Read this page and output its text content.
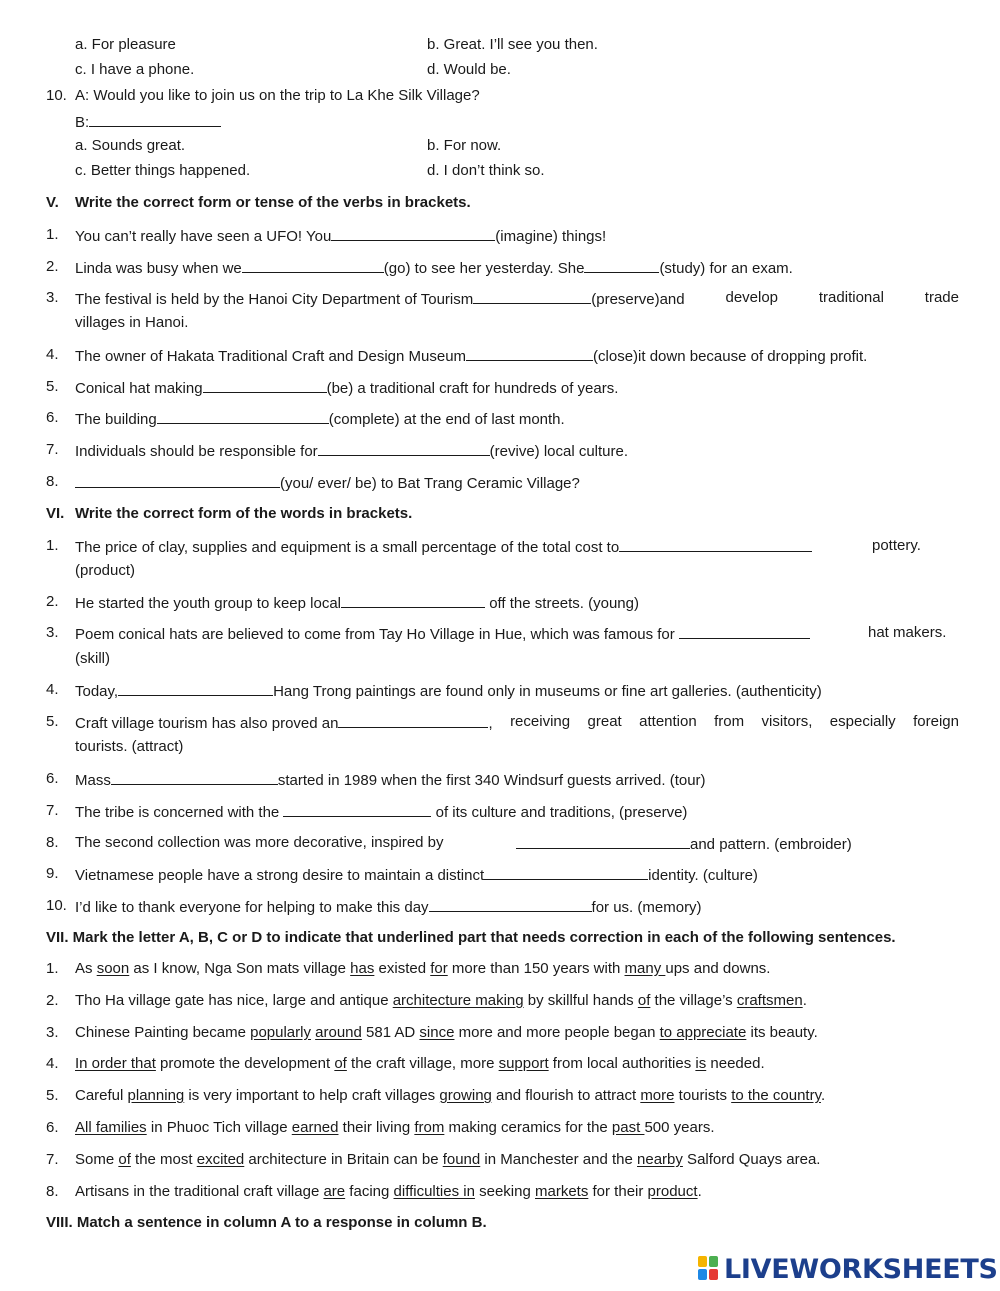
a. For pleasure	b. Great. I’ll see you then.
c. I have a phone.	d. Would be.
10. A: Would you like to join us on the trip to La Khe Silk Village?
B:
a. Sounds great.	b. For now.
c. Better things happened.	d. I don’t think so.
V. Write the correct form or tense of the verbs in brackets.
1. You can’t really have seen a UFO! You	(imagine) things!
2. Linda was busy when we	(go) to see her yesterday. She	(study) for an exam.
3. The festival is held by the Hanoi City Department of Tourism	(preserve)and	develop	traditional	trade
villages in Hanoi.
4. The owner of Hakata Traditional Craft and Design Museum	(close)it down because of dropping profit.
5. Conical hat making	(be) a traditional craft for hundreds of years.
6. The building	(complete) at the end of last month.
7. Individuals should be responsible for	(revive) local culture.
8.	(you/ ever/ be) to Bat Trang Ceramic Village?
VI. Write the correct form of the words in brackets.
1. The price of clay, supplies and equipment is a small percentage of the total cost to	pottery.
(product)
2. He started the youth group to keep local	off the streets. (young)
3. Poem conical hats are believed to come from Tay Ho Village in Hue, which was famous for	hat makers.
(skill)
4. Today,	Hang Trong paintings are found only in museums or fine art galleries. (authenticity)
5. Craft village tourism has also proved an	, receiving great attention from visitors, especially foreign
tourists. (attract)
6. Mass	started in 1989 when the first 340 Windsurf guests arrived. (tour)
7. The tribe is concerned with the	of its culture and traditions, (preserve)
8. The second collection was more decorative, inspired by	and pattern. (embroider)
9. Vietnamese people have a strong desire to maintain a distinct	identity. (culture)
10. I’d like to thank everyone for helping to make this day	for us. (memory)
VII. Mark the letter A, B, C or D to indicate that underlined part that needs correction in each of the following sentences.
1. As soon as I know, Nga Son mats village has existed for more than 150 years with many ups and downs.
2. Tho Ha village gate has nice, large and antique architecture making by skillful hands of the village’s craftsmen.
3. Chinese Painting became popularly around 581 AD since more and more people began to appreciate its beauty.
4. In order that promote the development of the craft village, more support from local authorities is needed.
5. Careful planning is very important to help craft villages growing and flourish to attract more tourists to the country.
6. All families in Phuoc Tich village earned their living from making ceramics for the past 500 years.
7. Some of the most excited architecture in Britain can be found in Manchester and the nearby Salford Quays area.
8. Artisans in the traditional craft village are facing difficulties in seeking markets for their product.
VIII. Match a sentence in column A to a response in column B.
LIVEWORKSHEETS
